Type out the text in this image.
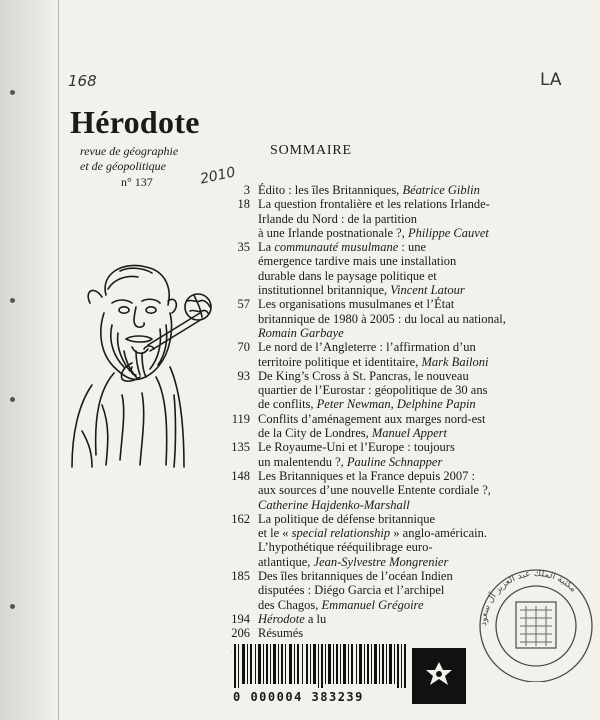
168	LA
2010
Hérodote
revue de géographie
et de géopolitique
n° 137
SOMMAIRE
3 Édito : les îles Britanniques, Béatrice Giblin
18 La question frontalière et les relations Irlande-
Irlande du Nord : de la partition
à une Irlande postnationale ?, Philippe Cauvet
35 La communauté musulmane : une
émergence tardive mais une installation
durable dans le paysage politique et
institutionnel britannique, Vincent Latour
57 Les organisations musulmanes et l’État
britannique de 1980 à 2005 : du local au national,
Romain Garbaye
70 Le nord de l’Angleterre : l’affirmation d’un
territoire politique et identitaire, Mark Bailoni
93 De King’s Cross à St. Pancras, le nouveau
quartier de l’Eurostar : géopolitique de 30 ans
de conflits, Peter Newman, Delphine Papin
119 Conflits d’aménagement aux marges nord-est
de la City de Londres, Manuel Appert
135 Le Royaume-Uni et l’Europe : toujours
un malentendu ?, Pauline Schnapper
148 Les Britanniques et la France depuis 2007 :
aux sources d’une nouvelle Entente cordiale ?,
Catherine Hajdenko-Marshall
162 La politique de défense britannique
et le « special relationship » anglo-américain.
L’hypothétique rééquilibrage euro-
atlantique, Jean-Sylvestre Mongrenier
185 Des îles britanniques de l’océan Indien
disputées : Diégo Garcia et l’archipel
des Chagos, Emmanuel Grégoire
194 Hérodote a lu
206 Résumés
0 000004 383239
مكتبة الملك عبد العزيز آل سعود
